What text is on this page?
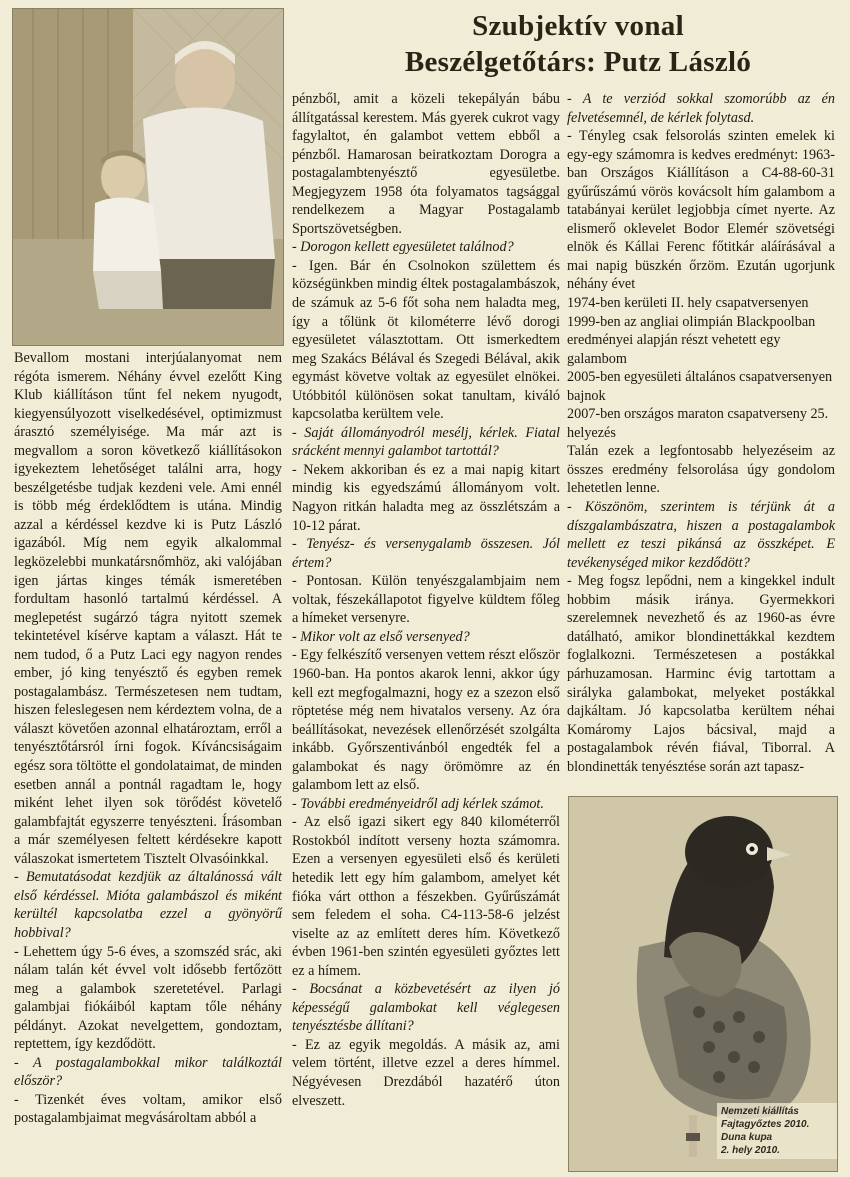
Szubjektív vonal
Beszélgetőtárs: Putz László

Bevallom mostani interjúalanyomat nem régóta ismerem. Néhány évvel ezelőtt King Klub kiállításon tűnt fel nekem nyugodt, kiegyensúlyozott viselkedésével, optimizmust árasztó személyisége. Ma már azt is megvallom a soron következő kiállításokon igyekeztem lehetőséget találni arra, hogy beszélgetésbe tudjak kezdeni vele. Ami ennél is több még érdeklődtem is utána. Mindig azzal a kérdéssel kezdve ki is Putz László igazából. Míg nem egyik alkalommal legközelebbi munkatársnőmhöz, aki valójában igen jártas kinges témák ismeretében fordultam hasonló tartalmú kérdéssel. A meglepetést sugárzó tágra nyitott szemek tekintetével kísérve kaptam a választ. Hát te nem tudod, ő a Putz Laci egy nagyon rendes ember, jó king tenyésztő és egyben remek postagalambász. Természetesen nem tudtam, hiszen feleslegesen nem kérdeztem volna, de a választ követően azonnal elhatároztam, erről a tenyésztőtársról írni fogok. Kíváncsiságaim egész sora töltötte el gondolataimat, de minden esetben annál a pontnál ragadtam le, hogy miként lehet ilyen sok törődést követelő galambfajtát egyszerre tenyészteni. Írásomban a már személyesen feltett kérdésekre kapott válaszokat ismertetem Tisztelt Olvasóinkkal.

- Bemutatásodat kezdjük az általánossá vált első kérdéssel. Mióta galambászol és miként kerültél kapcsolatba ezzel a gyönyörű hobbival?

- Lehettem úgy 5-6 éves, a szomszéd srác, aki nálam talán két évvel volt idősebb fertőzött meg a galambok szeretetével. Parlagi galambjai fiókáiból kaptam tőle néhány példányt. Azokat nevelgettem, gondoztam, reptettem, így kezdődött.

- A postagalambokkal mikor találkoztál először?

- Tizenkét éves voltam, amikor első postagalambjaimat megvásároltam abból a

pénzből, amit a közeli tekepályán bábu állítgatással kerestem. Más gyerek cukrot vagy fagylaltot, én galambot vettem ebből a pénzből. Hamarosan beiratkoztam Dorogra a postagalambtenyésztő egyesületbe. Megjegyzem 1958 óta folyamatos tagsággal rendelkezem a Magyar Postagalamb Sportszövetségben.

- Dorogon kellett egyesületet találnod?

- Igen. Bár én Csolnokon születtem és községünkben mindig éltek postagalambászok, de számuk az 5-6 főt soha nem haladta meg, így a tőlünk öt kilométerre lévő dorogi egyesületet választottam. Ott ismerkedtem meg Szakács Bélával és Szegedi Bélával, akik egymást követve voltak az egyesület elnökei. Utóbbitól különösen sokat tanultam, kiváló kapcsolatba kerültem vele.

- Saját állományodról mesélj, kérlek. Fiatal srácként mennyi galambot tartottál?

- Nekem akkoriban és ez a mai napig kitart mindig kis egyedszámú állományom volt. Nagyon ritkán haladta meg az összlétszám a 10-12 párat.

- Tenyész- és versenygalamb összesen. Jól értem?

- Pontosan. Külön tenyészgalambjaim nem voltak, fészekállapotot figyelve küldtem főleg a hímeket versenyre.

- Mikor volt az első versenyed?

- Egy felkészítő versenyen vettem részt először 1960-ban. Ha pontos akarok lenni, akkor úgy kell ezt megfogalmazni, hogy ez a szezon első röptetése még nem hivatalos verseny. Az óra beállításokat, nevezések ellenőrzését szolgálta inkább. Győrszentivánból engedték fel a galambokat és nagy örömömre az én galambom lett az első.

- További eredményeidről adj kérlek számot.

- Az első igazi sikert egy 840 kilométerről Rostokból indított verseny hozta számomra. Ezen a versenyen egyesületi első és kerületi hetedik lett egy hím galambom, amelyet két fióka várt otthon a fészekben. Gyűrűszámát sem feledem el soha. C4-113-58-6 jelzést viselte az az említett deres hím. Következő évben 1961-ben szintén egyesületi győztes lett ez a hímem.

- Bocsánat a közbevetésért az ilyen jó képességű galambokat kell véglegesen tenyésztésbe állítani?

- Ez az egyik megoldás. A másik az, ami velem történt, illetve ezzel a deres hímmel. Négyévesen Drezdából hazatérő úton elveszett.

- A te verziód sokkal szomorúbb az én felvetésemnél, de kérlek folytasd.

- Tényleg csak felsorolás szinten emelek ki egy-egy számomra is kedves eredményt: 1963-ban Országos Kiállításon a C4-88-60-31 gyűrűszámú vörös kovácsolt hím galambom a tatabányai kerület legjobbja címet nyerte. Az elismerő oklevelet Bodor Elemér szövetségi elnök és Kállai Ferenc főtitkár aláírásával a mai napig büszkén őrzöm. Ezután ugorjunk néhány évet

1974-ben kerületi II. hely csapatversenyen

1999-ben az angliai olimpián Blackpoolban eredményei alapján részt vehetett egy galambom

2005-ben egyesületi általános csapatversenyen bajnok

2007-ben országos maraton csapatverseny 25. helyezés

Talán ezek a legfontosabb helyezéseim az összes eredmény felsorolása úgy gondolom lehetetlen lenne.

- Köszönöm, szerintem is térjünk át a díszgalambászatra, hiszen a postagalambok mellett ez teszi pikánsá az összképet. E tevékenységed mikor kezdődött?

- Meg fogsz lepődni, nem a kingekkel indult hobbim másik iránya. Gyermekkori szerelemnek nevezhető és az 1960-as évre datálható, amikor blondinettákkal kezdtem foglalkozni. Természetesen a postákkal párhuzamosan. Harminc évig tartottam a sirályka galambokat, melyeket postákkal dajkáltam. Jó kapcsolatba kerültem néhai Komáromy Lajos bácsival, majd a postagalambok révén fiával, Tiborral. A blondinetták tenyésztése során azt tapasz-

Nemzeti kiállítás
Fajtagyőztes 2010.
Duna kupa
2. hely 2010.
